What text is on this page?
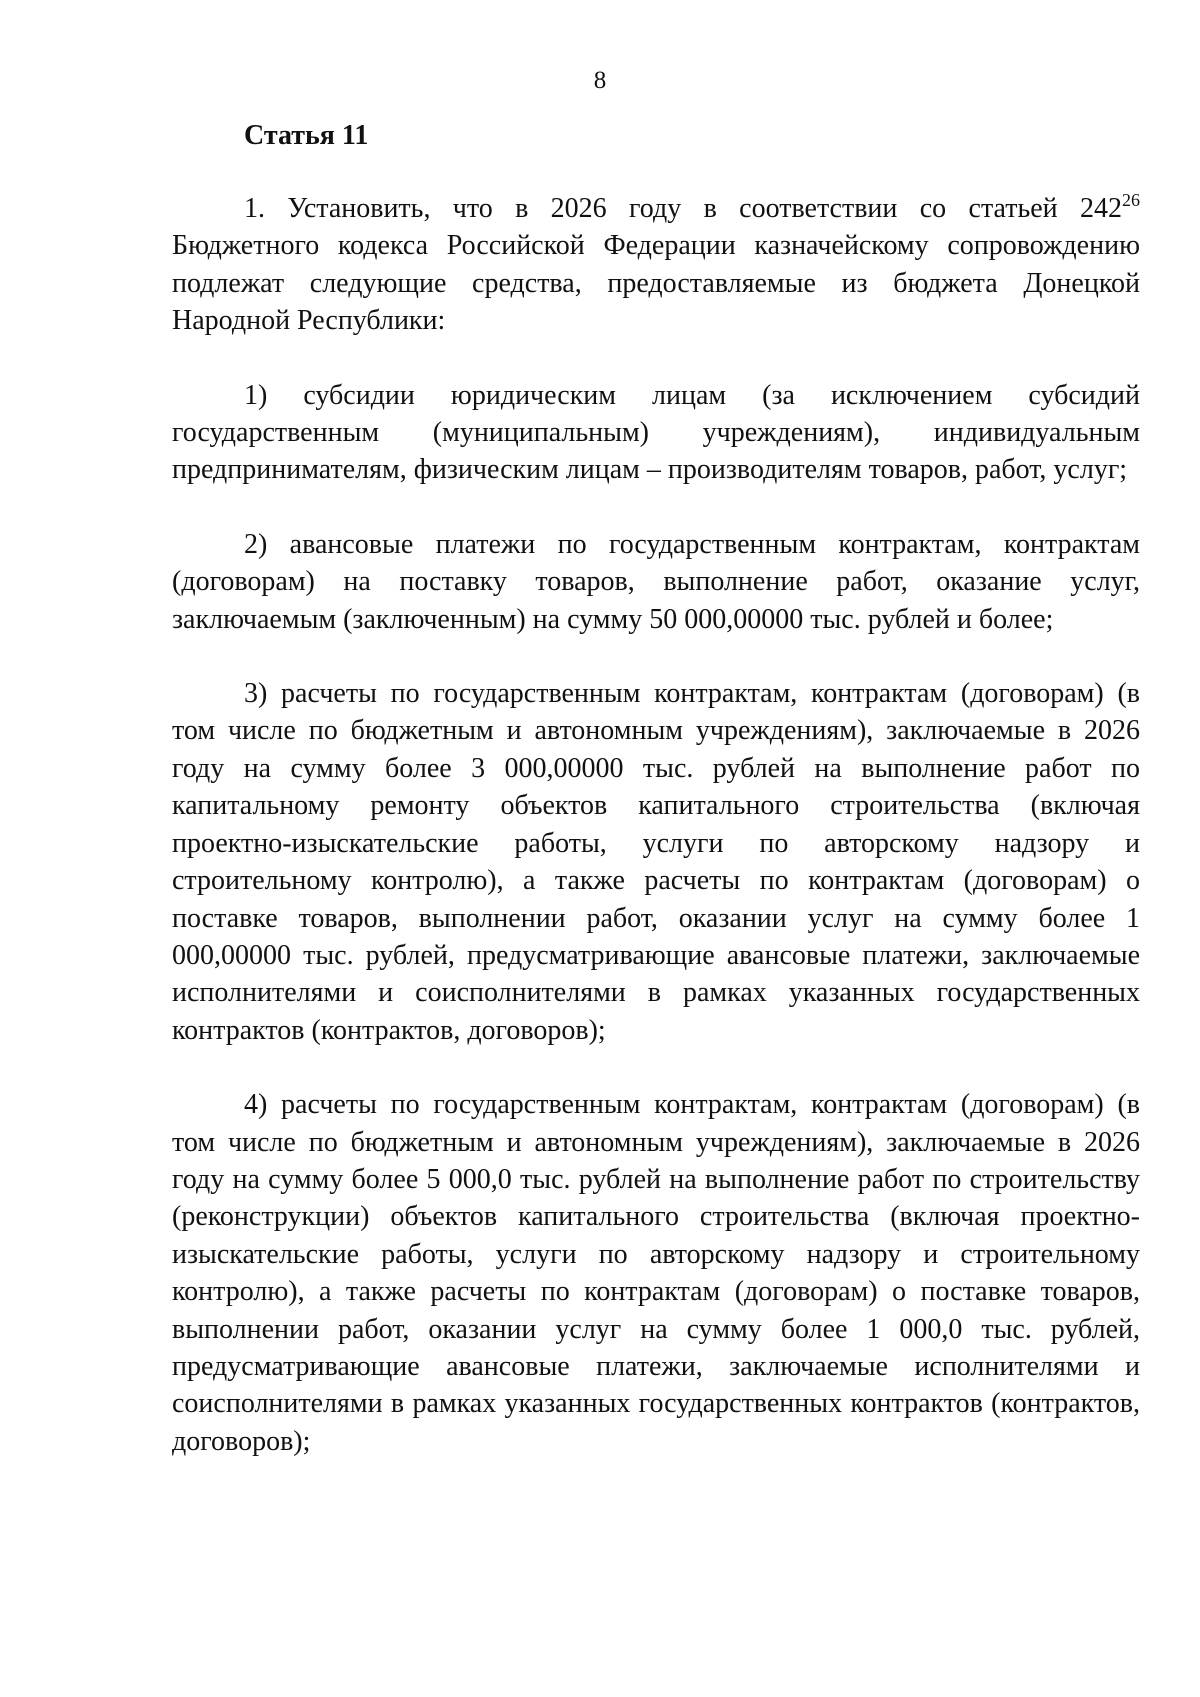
8
Статья 11

1. Установить, что в 2026 году в соответствии со статьей $242^{26}$ Бюджетного кодекса Российской Федерации казначейскому сопровождению подлежат следующие средства, предоставляемые из бюджета Донецкой Народной Республики:

1) субсидии юридическим лицам (за исключением субсидий государственным (муниципальным) учреждениям), индивидуальным предпринимателям, физическим лицам – производителям товаров, работ, услуг;

2) авансовые платежи по государственным контрактам, контрактам (договорам) на поставку товаров, выполнение работ, оказание услуг, заключаемым (заключенным) на сумму 50 000,00000 тыс. рублей и более;

3) расчеты по государственным контрактам, контрактам (договорам) (в том числе по бюджетным и автономным учреждениям), заключаемые в 2026 году на сумму более 3 000,00000 тыс. рублей на выполнение работ по капитальному ремонту объектов капитального строительства (включая проектно-изыскательские работы, услуги по авторскому надзору и строительному контролю), а также расчеты по контрактам (договорам) о поставке товаров, выполнении работ, оказании услуг на сумму более 1 000,00000 тыс. рублей, предусматривающие авансовые платежи, заключаемые исполнителями и соисполнителями в рамках указанных государственных контрактов (контрактов, договоров);

4) расчеты по государственным контрактам, контрактам (договорам) (в том числе по бюджетным и автономным учреждениям), заключаемые в 2026 году на сумму более 5 000,0 тыс. рублей на выполнение работ по строительству (реконструкции) объектов капитального строительства (включая проектно-изыскательские работы, услуги по авторскому надзору и строительному контролю), а также расчеты по контрактам (договорам) о поставке товаров, выполнении работ, оказании услуг на сумму более 1 000,0 тыс. рублей, предусматривающие авансовые платежи, заключаемые исполнителями и соисполнителями в рамках указанных государственных контрактов (контрактов, договоров);
